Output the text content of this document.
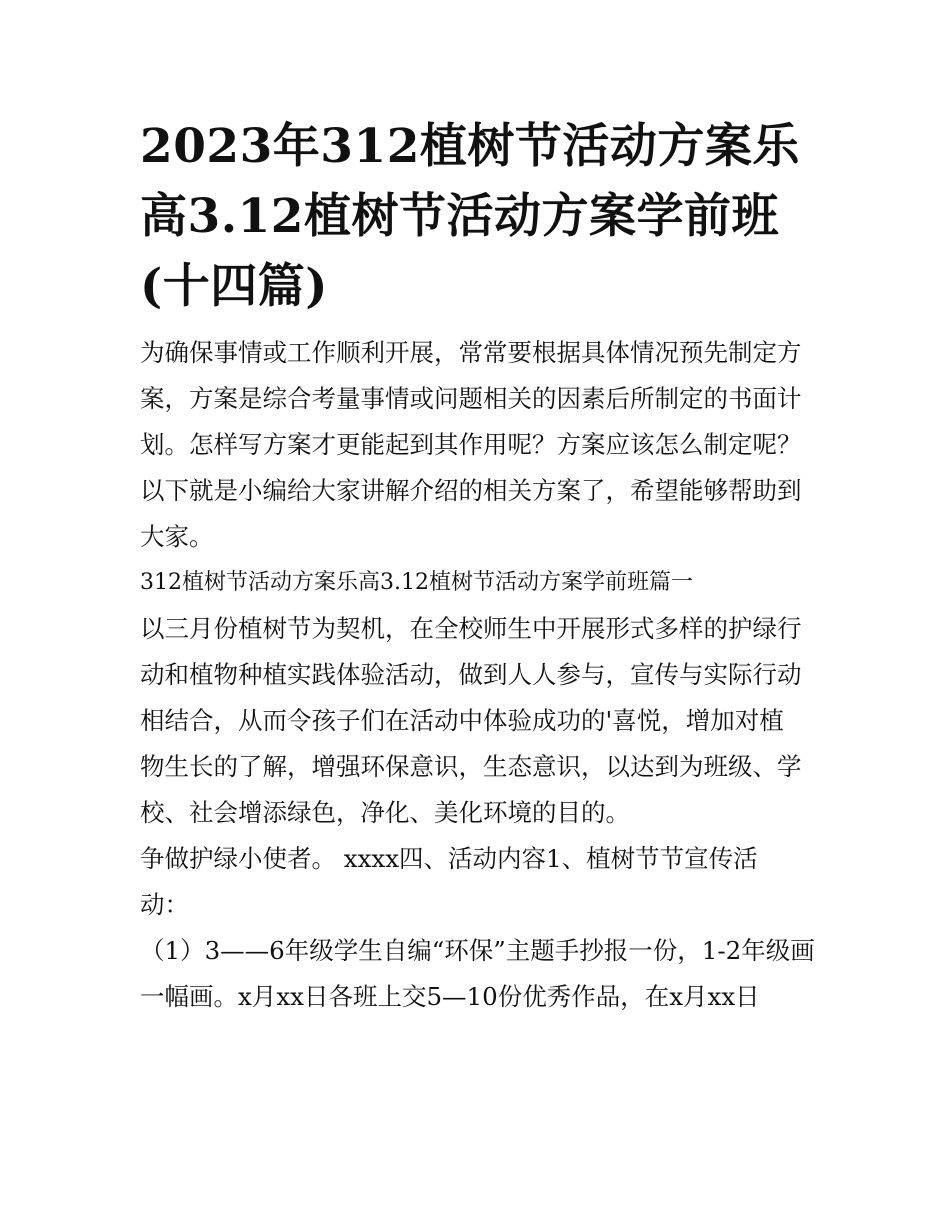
2023年312植树节活动方案乐
高3.12植树节活动方案学前班
(十四篇)

为确保事情或工作顺利开展，常常要根据具体情况预先制定方
案，方案是综合考量事情或问题相关的因素后所制定的书面计
划。怎样写方案才更能起到其作用呢？方案应该怎么制定呢？
以下就是小编给大家讲解介绍的相关方案了，希望能够帮助到
大家。

312植树节活动方案乐高3.12植树节活动方案学前班篇一

以三月份植树节为契机，在全校师生中开展形式多样的护绿行
动和植物种植实践体验活动，做到人人参与，宣传与实际行动
相结合，从而令孩子们在活动中体验成功的'喜悦，增加对植
物生长的了解，增强环保意识，生态意识，以达到为班级、学
校、社会增添绿色，净化、美化环境的目的。

争做护绿小使者。 xxxx四、活动内容1、植树节节宣传活
动：

（1）3——6年级学生自编“环保”主题手抄报一份，1-2年级画
一幅画。x月xx日各班上交5—10份优秀作品，在x月xx日
